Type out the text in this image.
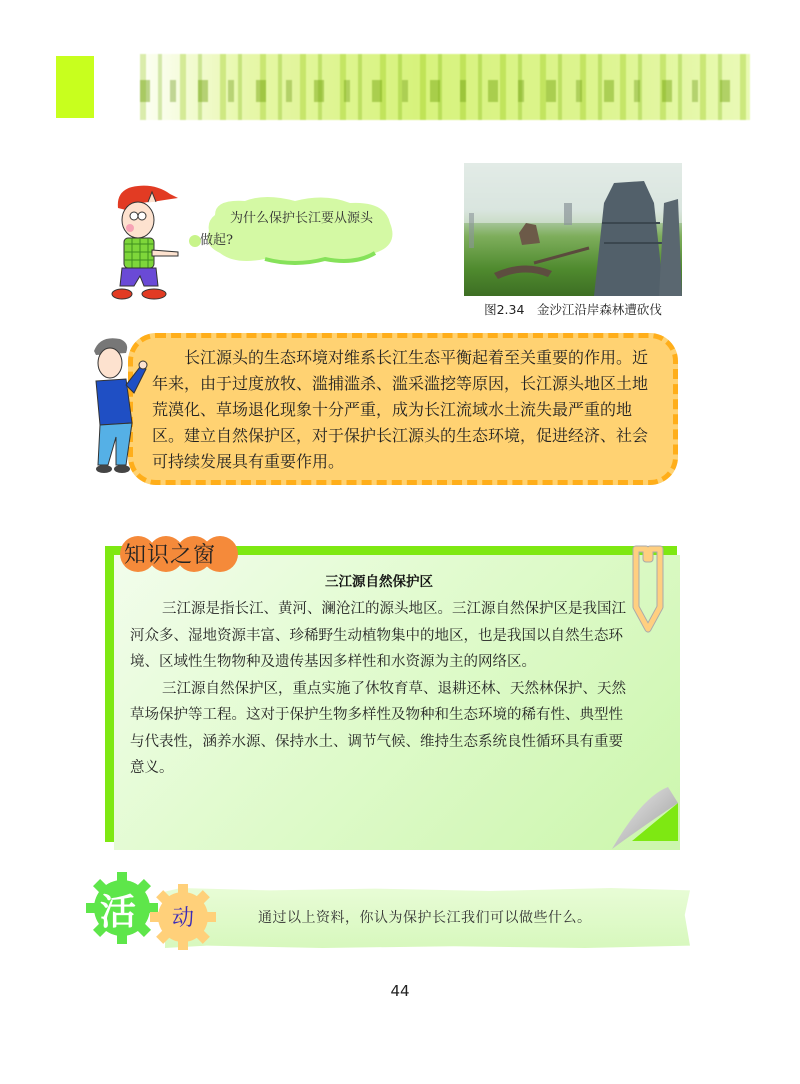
为什么保护长江要从源头做起?
图2.34　金沙江沿岸森林遭砍伐

长江源头的生态环境对维系长江生态平衡起着至关重要的作用。近年来，由于过度放牧、滥捕滥杀、滥采滥挖等原因，长江源头地区土地荒漠化、草场退化现象十分严重，成为长江流域水土流失最严重的地区。建立自然保护区，对于保护长江源头的生态环境，促进经济、社会可持续发展具有重要作用。

知识之窗
三江源自然保护区

三江源是指长江、黄河、澜沧江的源头地区。三江源自然保护区是我国江河众多、湿地资源丰富、珍稀野生动植物集中的地区，也是我国以自然生态环境、区域性生物物种及遗传基因多样性和水资源为主的网络区。

三江源自然保护区，重点实施了休牧育草、退耕还林、天然林保护、天然草场保护等工程。这对于保护生物多样性及物种和生态环境的稀有性、典型性与代表性，涵养水源、保持水土、调节气候、维持生态系统良性循环具有重要意义。

活 动	通过以上资料，你认为保护长江我们可以做些什么。
44
